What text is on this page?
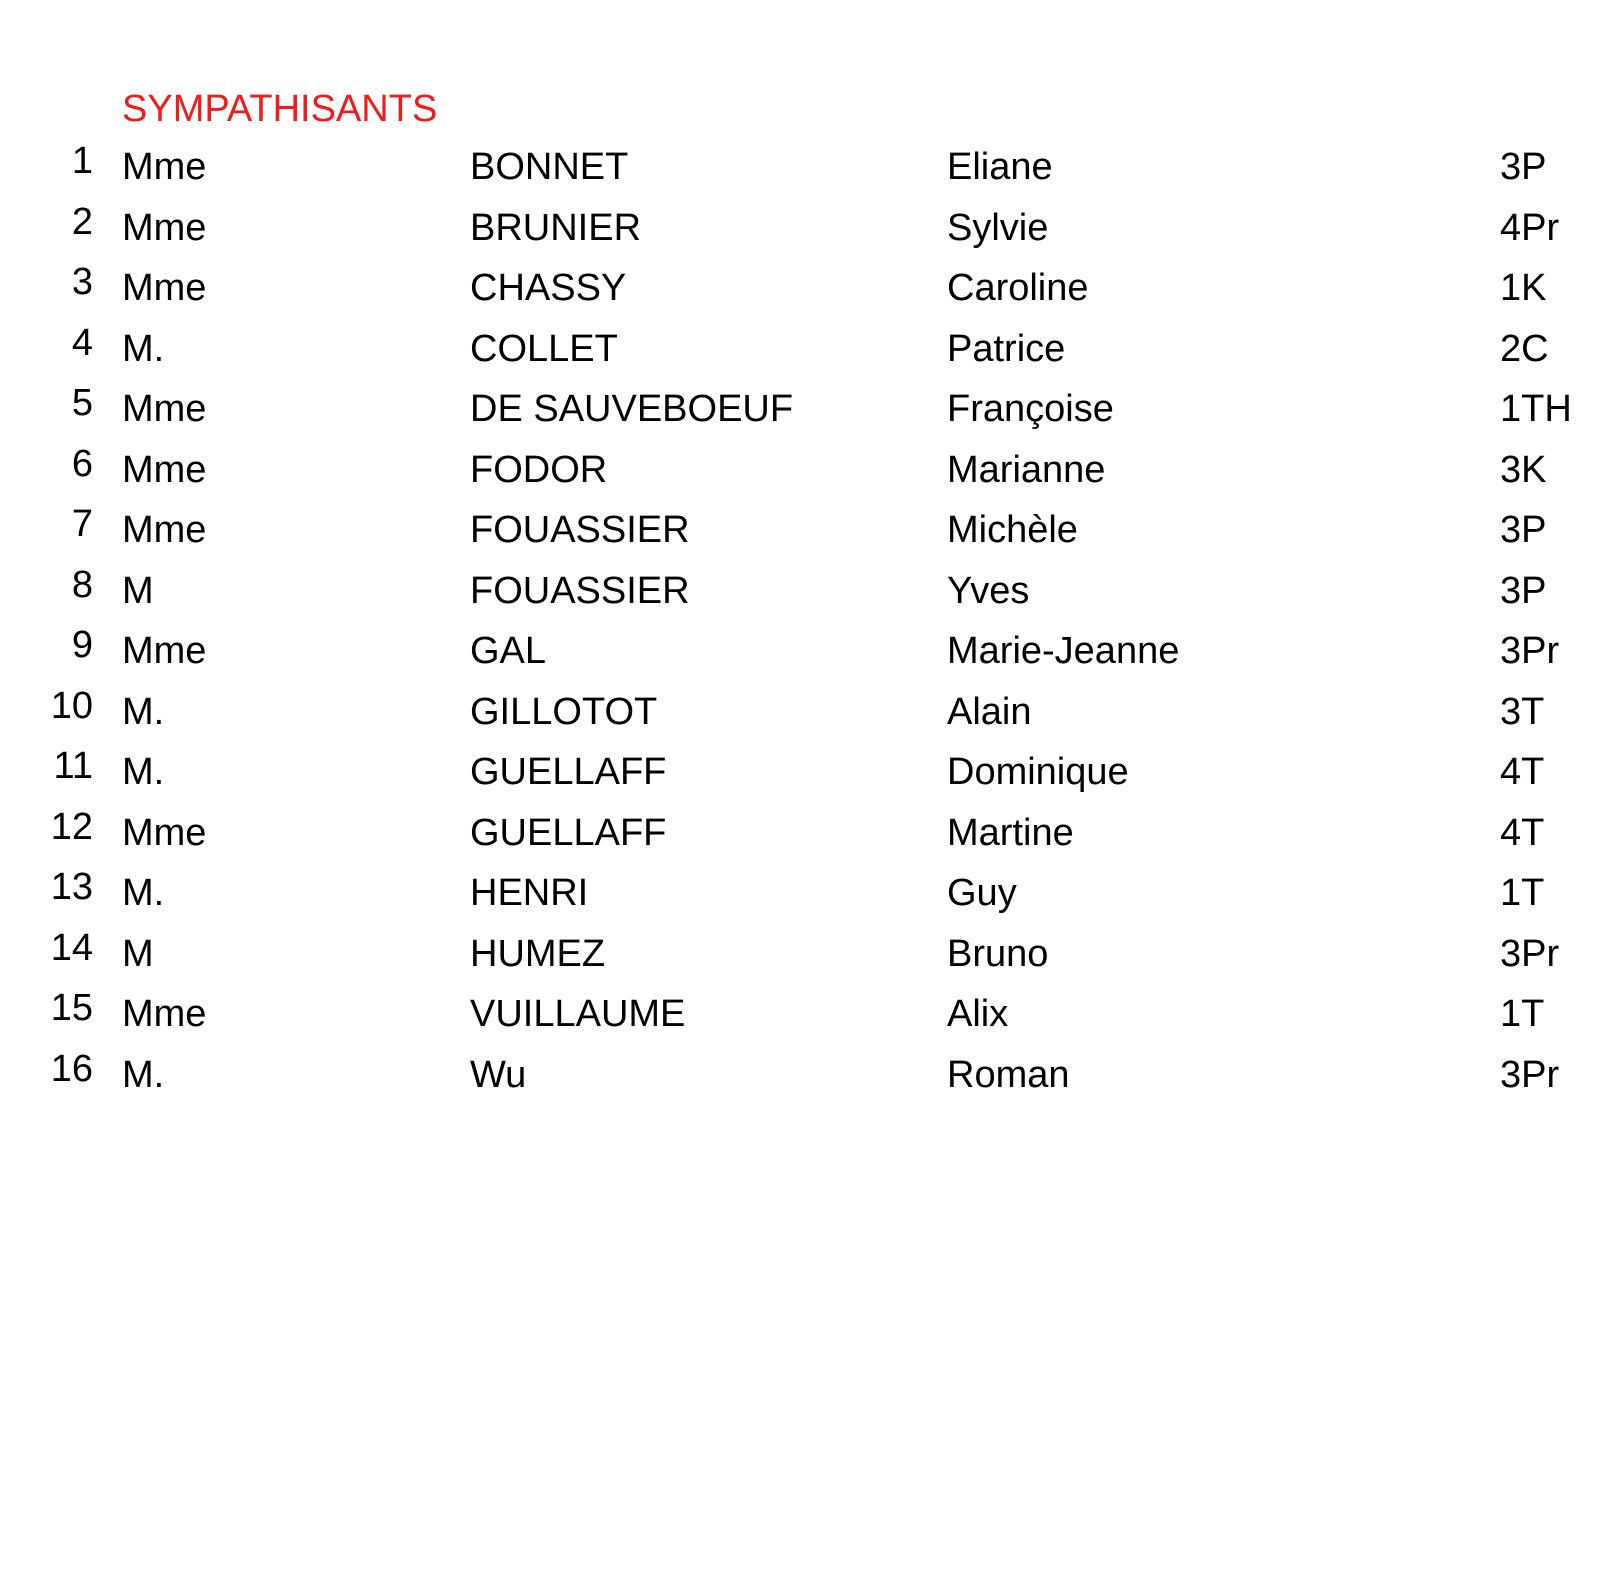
SYMPATHISANTS
1 Mme	BONNET	Eliane	3P
2 Mme	BRUNIER	Sylvie	4Pr
3 Mme	CHASSY	Caroline	1K
4 M.	COLLET	Patrice	2C
5 Mme	DE SAUVEBOEUF	Françoise	1TH
6 Mme	FODOR	Marianne	3K
7 Mme	FOUASSIER	Michèle	3P
8 M	FOUASSIER	Yves	3P
9 Mme	GAL	Marie-Jeanne	3Pr
10 M.	GILLOTOT	Alain	3T
11 M.	GUELLAFF	Dominique	4T
12 Mme	GUELLAFF	Martine	4T
13 M.	HENRI	Guy	1T
14 M	HUMEZ	Bruno	3Pr
15 Mme	VUILLAUME	Alix	1T
16 M.	Wu	Roman	3Pr
